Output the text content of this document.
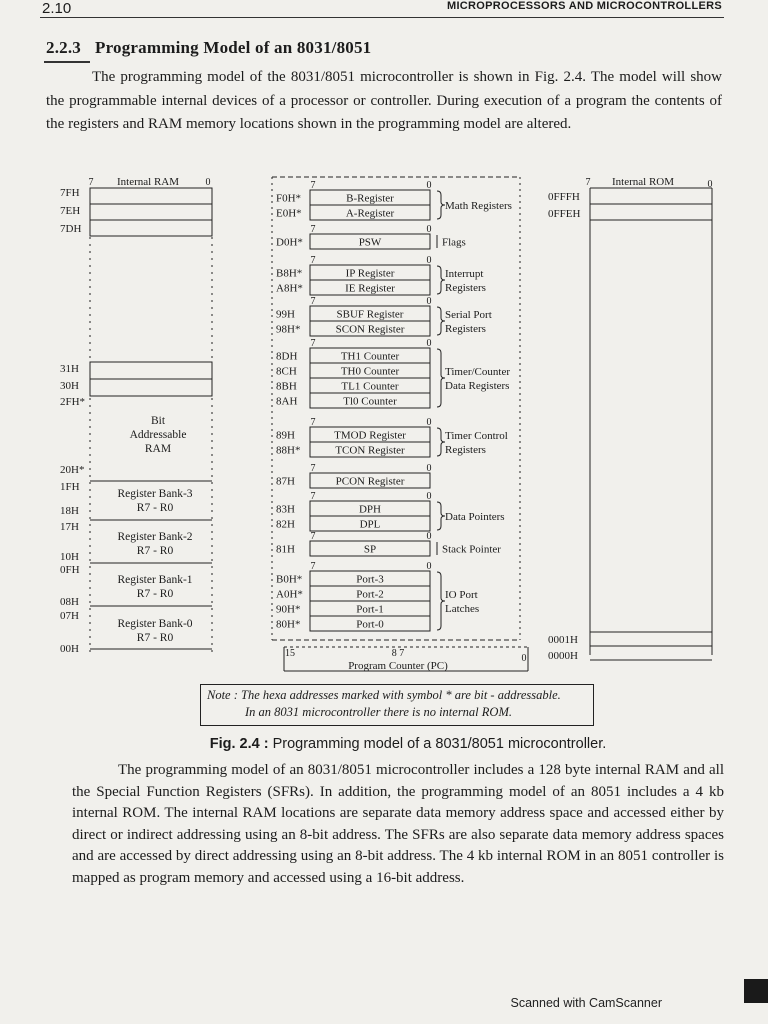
2.10	MICROPROCESSORS AND MICROCONTROLLERS
2.2.3 Programming Model of an 8031/8051

The programming model of the 8031/8051 microcontroller is shown in Fig. 2.4. The model will show the programmable internal devices of a processor or controller. During execution of a program the contents of the registers and RAM memory locations shown in the programming model are altered.

7 Internal RAM	0
7FH
7EH
7DH
31H
30H
2FH*
20H*
1FH
18H
17H
10H
0FH
08H
07H
00H
Bit
Addressable
RAM
Register Bank-3
R7 - R0
Register Bank-2
R7 - R0
Register Bank-1
R7 - R0
Register Bank-0
R7 - R0
7	0
B-Register
F0H*
A-Register
E0H*
Math Registers
7	0
PSW
D0H*	Flags
7	0
IP Register
B8H*
IE Register
A8H*
Interrupt
Registers
7	0
SBUF Register
99H
SCON Register
98H*
Serial Port
Registers
7	0
TH1 Counter
8DH
TH0 Counter
8CH
TL1 Counter
8BH
Tl0 Counter
8AH
Timer/Counter
Data Registers
7	0
TMOD Register
89H
TCON Register
88H*
Timer Control
Registers
7	0
PCON Register
87H
7	0
DPH
83H
DPL
82H
Data Pointers
7	0
SP
81H	Stack Pointer
7	0
Port-3
B0H*
Port-2
A0H*
Port-1
90H*
Port-0
80H*
IO Port
Latches
15	8 7	0
Program Counter (PC)
7 Internal ROM	0
0FFFH
0FFEH
0001H
0000H
Note : The hexa addresses marked with symbol * are bit - addressable.
In an 8031 microcontroller there is no internal ROM.
Fig. 2.4 : Programming model of a 8031/8051 microcontroller.

The programming model of an 8031/8051 microcontroller includes a 128 byte internal RAM and all the Special Function Registers (SFRs). In addition, the programming model of an 8051 includes a 4 kb internal ROM. The internal RAM locations are separate data memory address space and accessed either by direct or indirect addressing using an 8-bit address. The SFRs are also separate data memory address spaces and are accessed by direct addressing using an 8-bit address. The 4 kb internal ROM in an 8051 controller is mapped as program memory and accessed using a 16-bit address.

Scanned with CamScanner
